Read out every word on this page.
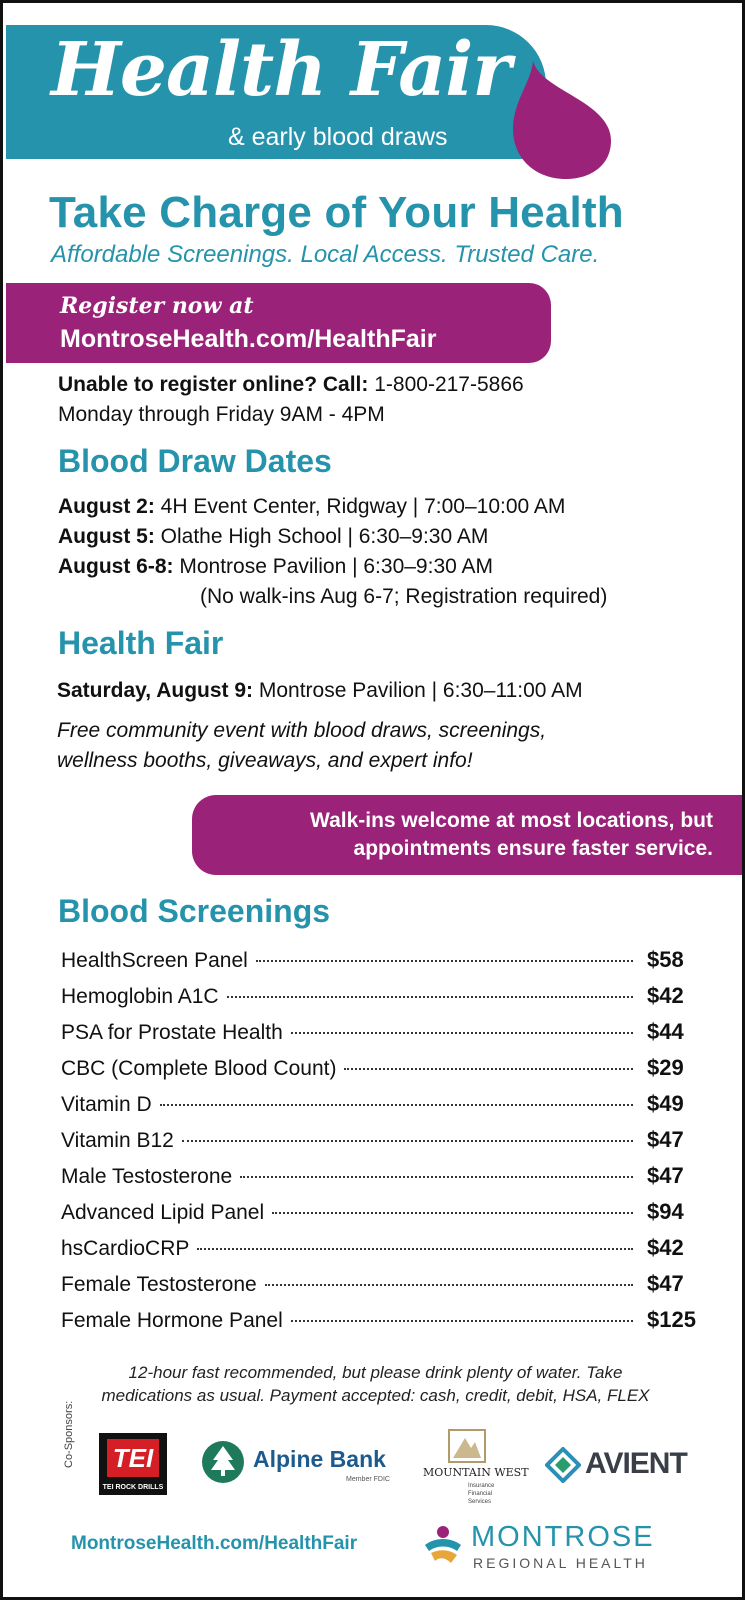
Health Fair
& early blood draws
Take Charge of Your Health
Affordable Screenings. Local Access. Trusted Care.
Register now at
MontroseHealth.com/HealthFair
Unable to register online? Call: 1-800-217-5866
Monday through Friday 9AM - 4PM
Blood Draw Dates
August 2: 4H Event Center, Ridgway | 7:00–10:00 AM
August 5: Olathe High School | 6:30–9:30 AM
August 6-8: Montrose Pavilion | 6:30–9:30 AM
(No walk-ins Aug 6-7; Registration required)
Health Fair
Saturday, August 9: Montrose Pavilion | 6:30–11:00 AM
Free community event with blood draws, screenings,
wellness booths, giveaways, and expert info!
Walk-ins welcome at most locations, but
appointments ensure faster service.
Blood Screenings
HealthScreen Panel	$58
Hemoglobin A1C	$42
PSA for Prostate Health	$44
CBC (Complete Blood Count)	$29
Vitamin D	$49
Vitamin B12	$47
Male Testosterone	$47
Advanced Lipid Panel	$94
hsCardioCRP	$42
Female Testosterone	$47
Female Hormone Panel	$125
12-hour fast recommended, but please drink plenty of water. Take
medications as usual. Payment accepted: cash, credit, debit, HSA, FLEX
Co-Sponsors: TEI
TEI ROCK DRILLS
Alpine Bank
Member FDIC
MOUNTAIN WEST
Insurance Financial Services
AVIENT
MontroseHealth.com/HealthFair	MONTROSE
REGIONAL HEALTH
